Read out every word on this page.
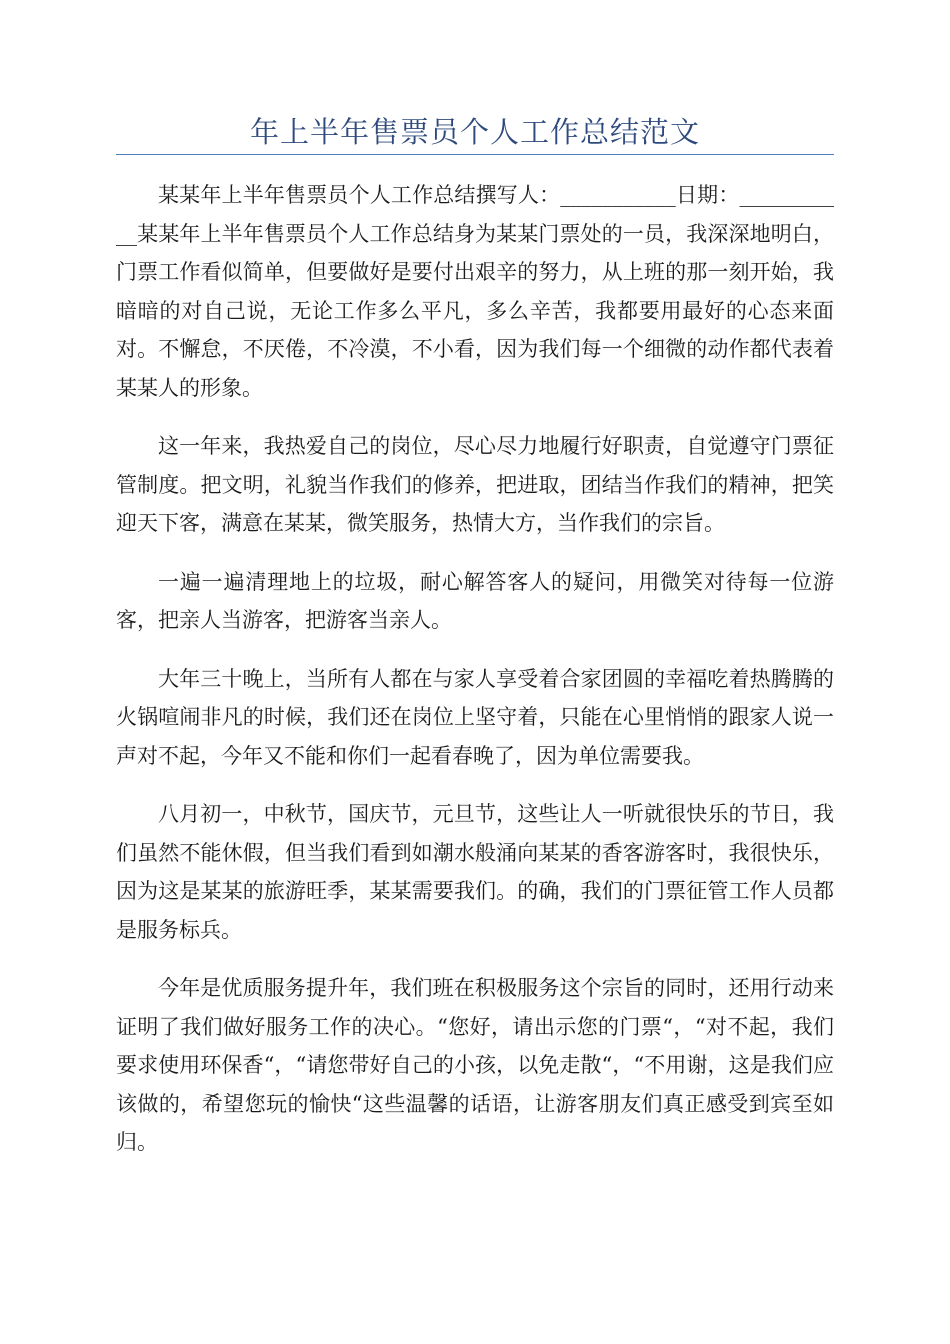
年上半年售票员个人工作总结范文

某某年上半年售票员个人工作总结撰写人：___________日期：___________某某年上半年售票员个人工作总结身为某某门票处的一员，我深深地明白，门票工作看似简单，但要做好是要付出艰辛的努力，从上班的那一刻开始，我暗暗的对自己说，无论工作多么平凡，多么辛苦，我都要用最好的心态来面对。不懈怠，不厌倦，不冷漠，不小看，因为我们每一个细微的动作都代表着某某人的形象。

这一年来，我热爱自己的岗位，尽心尽力地履行好职责，自觉遵守门票征管制度。把文明，礼貌当作我们的修养，把进取，团结当作我们的精神，把笑迎天下客，满意在某某，微笑服务，热情大方，当作我们的宗旨。

一遍一遍清理地上的垃圾，耐心解答客人的疑问，用微笑对待每一位游客，把亲人当游客，把游客当亲人。

大年三十晚上，当所有人都在与家人享受着合家团圆的幸福吃着热腾腾的火锅喧闹非凡的时候，我们还在岗位上坚守着，只能在心里悄悄的跟家人说一声对不起，今年又不能和你们一起看春晚了，因为单位需要我。

八月初一，中秋节，国庆节，元旦节，这些让人一听就很快乐的节日，我们虽然不能休假，但当我们看到如潮水般涌向某某的香客游客时，我很快乐，因为这是某某的旅游旺季，某某需要我们。的确，我们的门票征管工作人员都是服务标兵。

今年是优质服务提升年，我们班在积极服务这个宗旨的同时，还用行动来证明了我们做好服务工作的决心。“您好，请出示您的门票“，“对不起，我们要求使用环保香“，“请您带好自己的小孩，以免走散“，“不用谢，这是我们应该做的，希望您玩的愉快“这些温馨的话语，让游客朋友们真正感受到宾至如归。
